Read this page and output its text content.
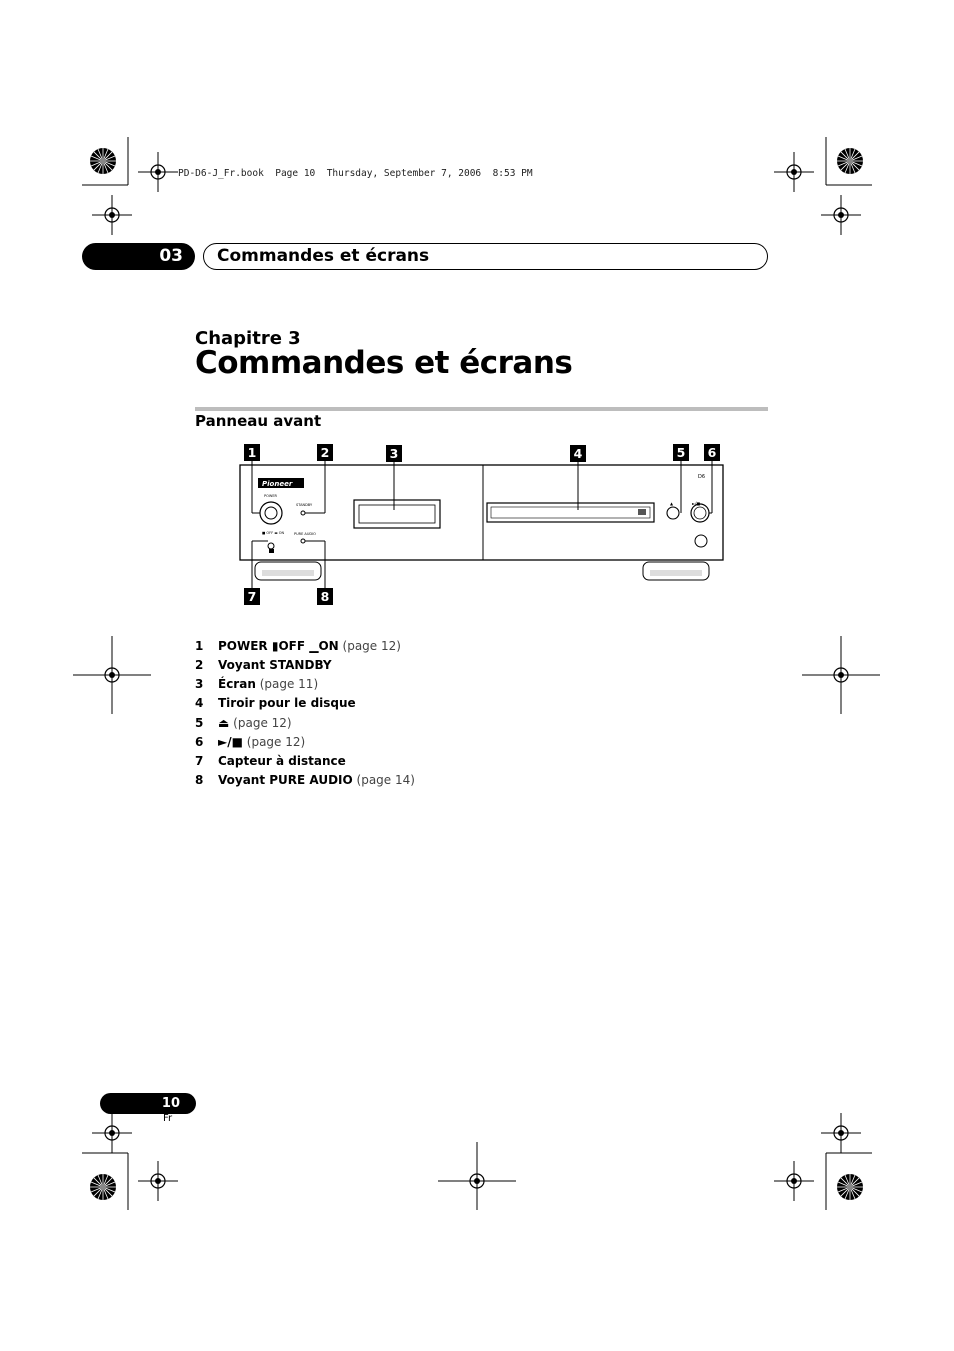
PD-D6-J_Fr.book  Page 10  Thursday, September 7, 2006  8:53 PM
03	Commandes et écrans
Chapitre 3
Commandes et écrans
Panneau avant
Pioneer
POWER
STANDBY
PURE AUDIO
■ OFF ▬ ON
D6
▲	►/■
1	2	3	4	5 6
7	8
1 POWER ▮OFF ▁ON (page 12)
2 Voyant STANDBY
3 Écran (page 11)
4 Tiroir pour le disque
5 ⏏ (page 12)
6 ►/■ (page 12)
7 Capteur à distance
8 Voyant PURE AUDIO (page 14)
10
Fr
